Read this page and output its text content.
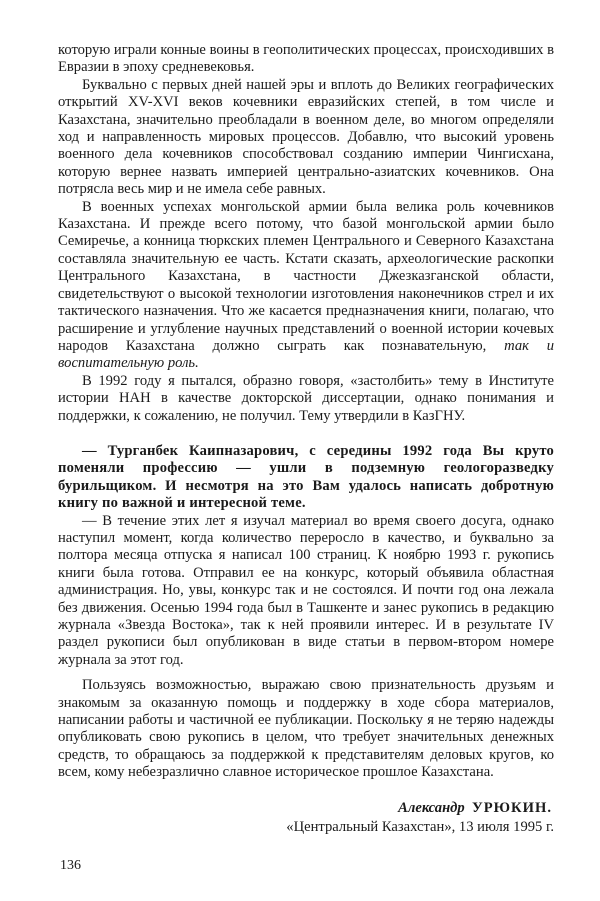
которую играли конные воины в геополитических процессах, происходивших в Евразии в эпоху средневековья.

Буквально с первых дней нашей эры и вплоть до Великих географических открытий XV-XVI веков кочевники евразийских степей, в том числе и Казахстана, значительно преобладали в военном деле, во многом определяли ход и направленность мировых процессов. Добавлю, что высокий уровень военного дела кочевников способствовал созданию империи Чингисхана, которую вернее назвать империей центрально-азиатских кочевников. Она потрясла весь мир и не имела себе равных.

В военных успехах монгольской армии была велика роль кочевников Казахстана. И прежде всего потому, что базой монгольской армии было Семиречье, а конница тюркских племен Центрального и Северного Казахстана составляла значительную ее часть. Кстати сказать, археологические раскопки Центрального Казахстана, в частности Джезказганской области, свидетельствуют о высокой технологии изготовления наконечников стрел и их тактического назначения. Что же касается предназначения книги, полагаю, что расширение и углубление научных представлений о военной истории кочевых народов Казахстана должно сыграть как познавательную, так и воспитательную роль.

В 1992 году я пытался, образно говоря, «застолбить» тему в Институте истории НАН в качестве докторской диссертации, однако понимания и поддержки, к сожалению, не получил. Тему утвердили в КазГНУ.

— Турганбек Каипназарович, с середины 1992 года Вы круто поменяли профессию — ушли в подземную геологоразведку бурильщиком. И несмотря на это Вам удалось написать добротную книгу по важной и интересной теме.

— В течение этих лет я изучал материал во время своего досуга, однако наступил момент, когда количество переросло в качество, и буквально за полтора месяца отпуска я написал 100 страниц. К ноябрю 1993 г. рукопись книги была готова. Отправил ее на конкурс, который объявила областная администрация. Но, увы, конкурс так и не состоялся. И почти год она лежала без движения. Осенью 1994 года был в Ташкенте и занес рукопись в редакцию журнала «Звезда Востока», так к ней проявили интерес. И в результате IV раздел рукописи был опубликован в виде статьи в первом-втором номере журнала за этот год.

Пользуясь возможностью, выражаю свою признательность друзьям и знакомым за оказанную помощь и поддержку в ходе сбора материалов, написании работы и частичной ее публикации. Поскольку я не теряю надежды опубликовать свою рукопись в целом, что требует значительных денежных средств, то обращаюсь за поддержкой к представителям деловых кругов, ко всем, кому небезразлично славное историческое прошлое Казахстана.

Александр УРЮКИН.
«Центральный Казахстан», 13 июля 1995 г.
136
